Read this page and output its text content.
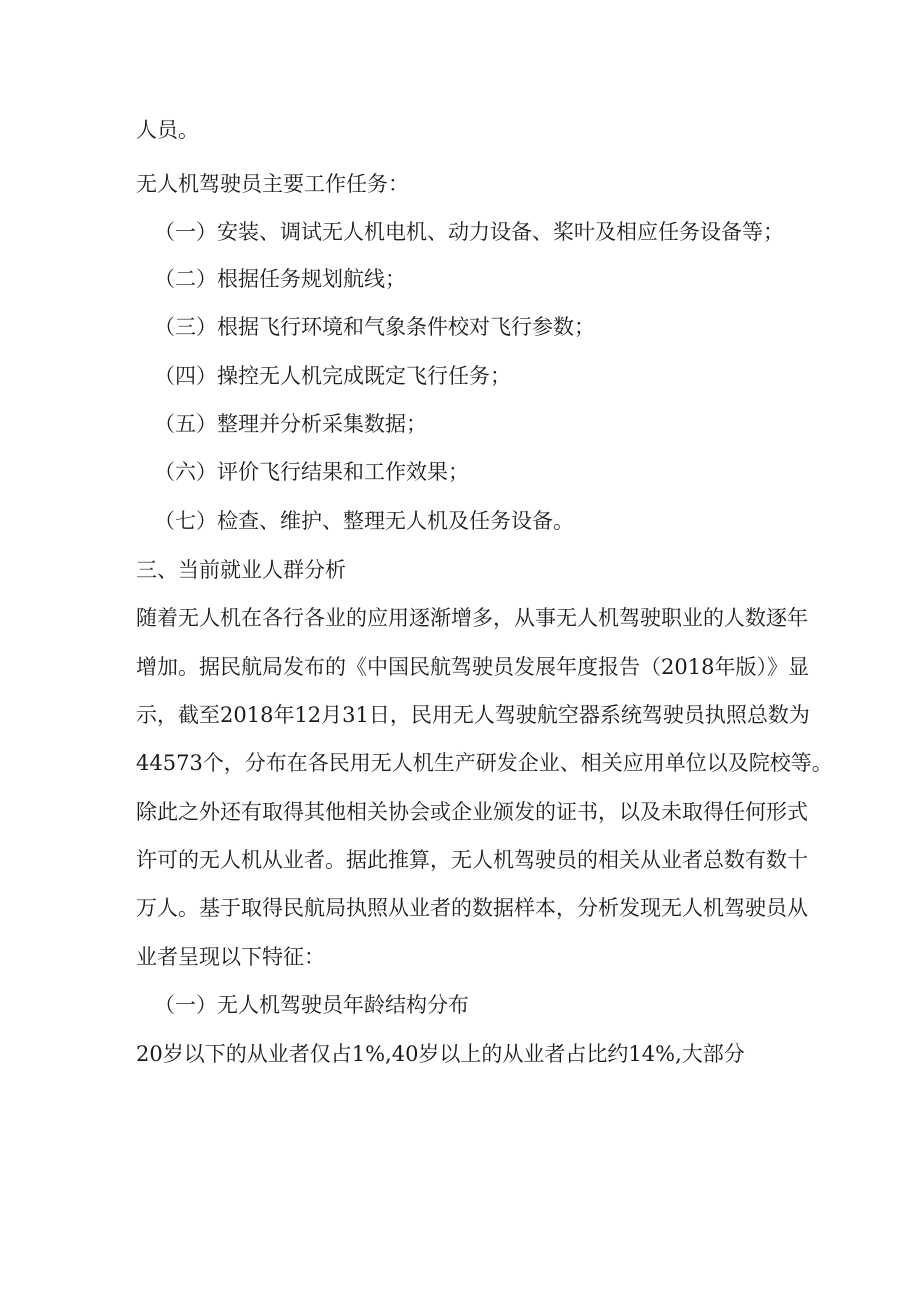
人员。

无人机驾驶员主要工作任务：

（一）安装、调试无人机电机、动力设备、桨叶及相应任务设备等；

（二）根据任务规划航线；

（三）根据飞行环境和气象条件校对飞行参数；

（四）操控无人机完成既定飞行任务；

（五）整理并分析采集数据；

（六）评价飞行结果和工作效果；

（七）检查、维护、整理无人机及任务设备。

三、当前就业人群分析

随着无人机在各行各业的应用逐渐增多，从事无人机驾驶职业的人数逐年

增加。据民航局发布的《中国民航驾驶员发展年度报告（2018年版）》显

示，截至2018年12月31日，民用无人驾驶航空器系统驾驶员执照总数为

44573个，分布在各民用无人机生产研发企业、相关应用单位以及院校等。

除此之外还有取得其他相关协会或企业颁发的证书，以及未取得任何形式

许可的无人机从业者。据此推算，无人机驾驶员的相关从业者总数有数十

万人。基于取得民航局执照从业者的数据样本，分析发现无人机驾驶员从

业者呈现以下特征：

（一）无人机驾驶员年龄结构分布

20岁以下的从业者仅占1%,40岁以上的从业者占比约14%,大部分
